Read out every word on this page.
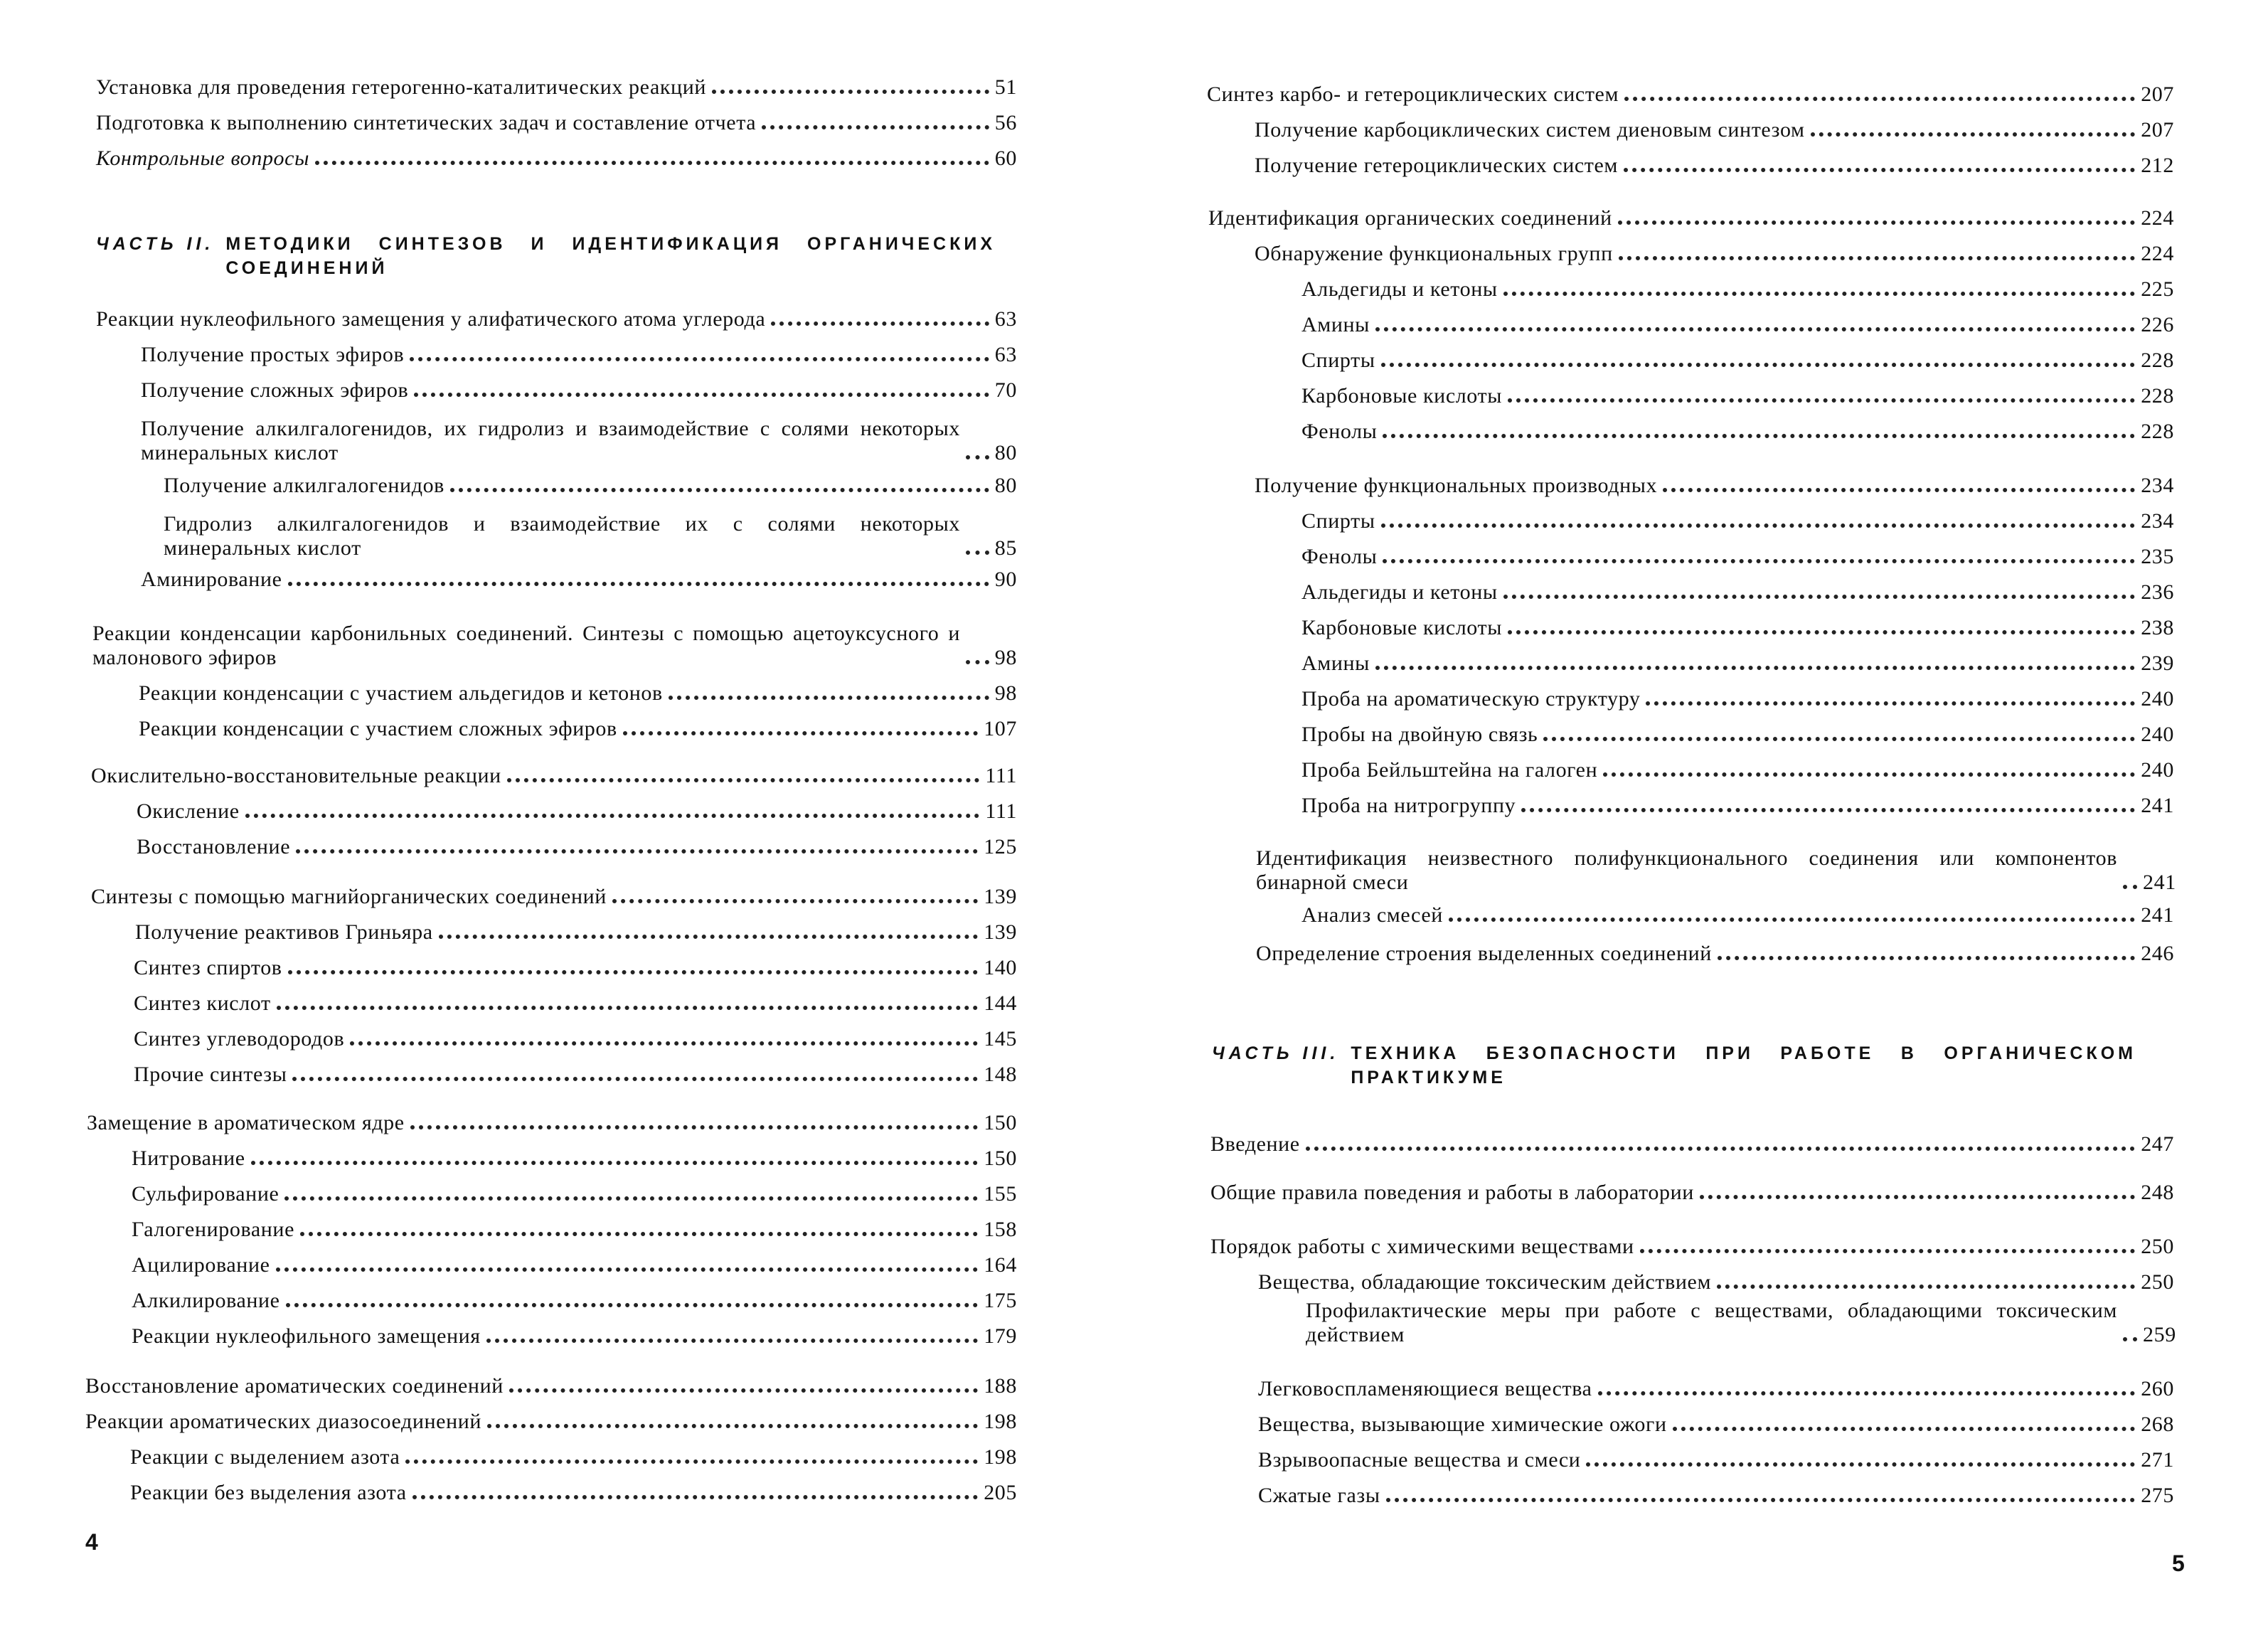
Установка для проведения гетерогенно-каталитических реакций	51
Подготовка к выполнению синтетических задач и составление отчета	56
Контрольные вопросы	60
ЧАСТЬ II. МЕТОДИКИ СИНТЕЗОВ И ИДЕНТИФИКАЦИЯ ОРГАНИЧЕСКИХ СОЕДИНЕНИЙ
Реакции нуклеофильного замещения у алифатического атома углерода	63
Получение простых эфиров	63
Получение сложных эфиров	70
Получение алкилгалогенидов, их гидролиз и взаимодействие с солями некоторых минеральных кислот	80
Получение алкилгалогенидов	80
Гидролиз алкилгалогенидов и взаимодействие их с солями некоторых минеральных кислот	85
Аминирование	90
Реакции конденсации карбонильных соединений. Синтезы с помощью ацетоуксусного и малонового эфиров	98
Реакции конденсации с участием альдегидов и кетонов	98
Реакции конденсации с участием сложных эфиров	107
Окислительно-восстановительные реакции	111
Окисление	111
Восстановление	125
Синтезы с помощью магнийорганических соединений	139
Получение реактивов Гриньяра	139
Синтез спиртов	140
Синтез кислот	144
Синтез углеводородов	145
Прочие синтезы	148
Замещение в ароматическом ядре	150
Нитрование	150
Сульфирование	155
Галогенирование	158
Ацилирование	164
Алкилирование	175
Реакции нуклеофильного замещения	179
Восстановление ароматических соединений	188
Реакции ароматических диазосоединений	198
Реакции с выделением азота	198
Реакции без выделения азота	205
4
Синтез карбо- и гетероциклических систем	207
Получение карбоциклических систем диеновым синтезом	207
Получение гетероциклических систем	212
Идентификация органических соединений	224
Обнаружение функциональных групп	224
Альдегиды и кетоны	225
Амины	226
Спирты	228
Карбоновые кислоты	228
Фенолы	228
Получение функциональных производных	234
Спирты	234
Фенолы	235
Альдегиды и кетоны	236
Карбоновые кислоты	238
Амины	239
Проба на ароматическую структуру	240
Пробы на двойную связь	240
Проба Бейльштейна на галоген	240
Проба на нитрогруппу	241
Идентификация неизвестного полифункционального соединения или компонентов бинарной смеси	241
Анализ смесей	241
Определение строения выделенных соединений	246
ЧАСТЬ III. ТЕХНИКА БЕЗОПАСНОСТИ ПРИ РАБОТЕ В ОРГАНИЧЕСКОМ ПРАКТИКУМЕ
Введение	247
Общие правила поведения и работы в лаборатории	248
Порядок работы с химическими веществами	250
Вещества, обладающие токсическим действием	250
Профилактические меры при работе с веществами, обладающими токсическим действием	259
Легковоспламеняющиеся вещества	260
Вещества, вызывающие химические ожоги	268
Взрывоопасные вещества и смеси	271
Сжатые газы	275
5
